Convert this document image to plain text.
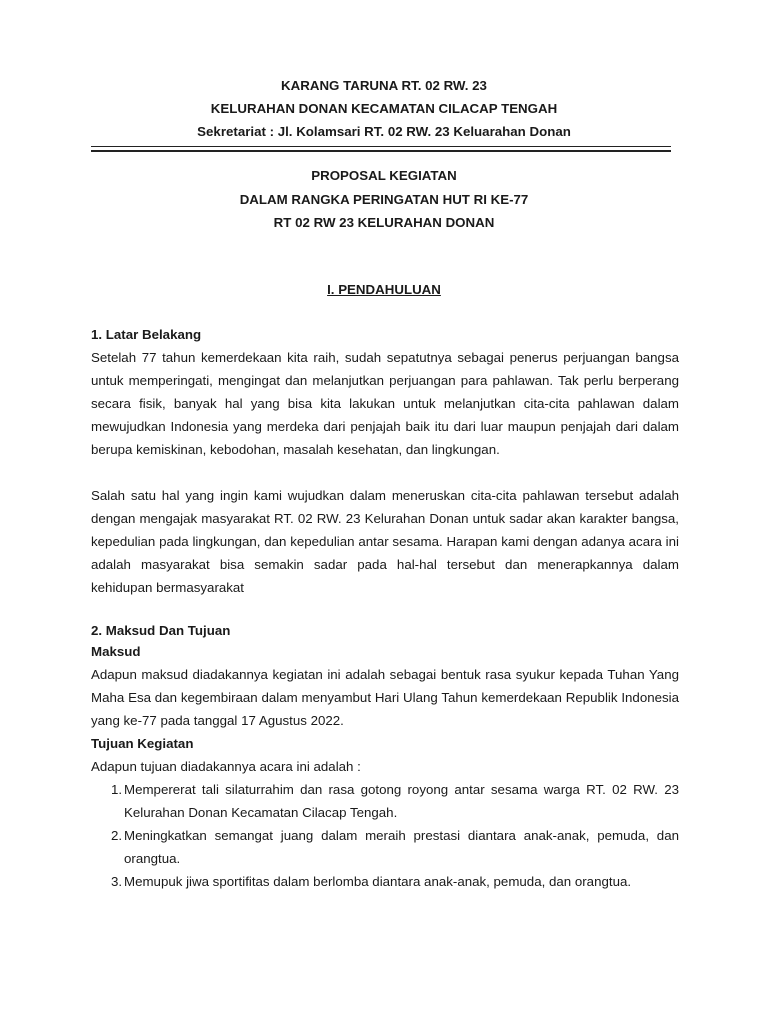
KARANG TARUNA RT. 02 RW. 23
KELURAHAN DONAN KECAMATAN CILACAP TENGAH
Sekretariat : Jl. Kolamsari RT. 02 RW. 23 Keluarahan Donan
PROPOSAL KEGIATAN
DALAM RANGKA PERINGATAN HUT RI KE-77
RT 02 RW 23 KELURAHAN DONAN
I. PENDAHULUAN
1. Latar Belakang

Setelah 77 tahun kemerdekaan kita raih, sudah sepatutnya sebagai penerus perjuangan bangsa untuk memperingati, mengingat dan melanjutkan perjuangan para pahlawan. Tak perlu berperang secara fisik, banyak hal yang bisa kita lakukan untuk melanjutkan cita-cita pahlawan dalam mewujudkan Indonesia yang merdeka dari penjajah baik itu dari luar maupun penjajah dari dalam berupa kemiskinan, kebodohan, masalah kesehatan, dan lingkungan.

Salah satu hal yang ingin kami wujudkan dalam meneruskan cita-cita pahlawan tersebut adalah dengan mengajak masyarakat RT. 02 RW. 23 Kelurahan Donan untuk sadar akan karakter bangsa, kepedulian pada lingkungan, dan kepedulian antar sesama. Harapan kami dengan adanya acara ini adalah masyarakat bisa semakin sadar pada hal-hal tersebut dan menerapkannya dalam kehidupan bermasyarakat

2. Maksud Dan Tujuan
Maksud

Adapun maksud diadakannya kegiatan ini adalah sebagai bentuk rasa syukur kepada Tuhan Yang Maha Esa dan kegembiraan dalam menyambut Hari Ulang Tahun kemerdekaan Republik Indonesia yang ke-77 pada tanggal 17 Agustus 2022.

Tujuan Kegiatan
Adapun tujuan diadakannya acara ini adalah :
1. Mempererat tali silaturrahim dan rasa gotong royong antar sesama warga RT. 02 RW. 23 Kelurahan Donan Kecamatan Cilacap Tengah.
2. Meningkatkan semangat juang dalam meraih prestasi diantara anak-anak, pemuda, dan orangtua.
3. Memupuk jiwa sportifitas dalam berlomba diantara anak-anak, pemuda, dan orangtua.
